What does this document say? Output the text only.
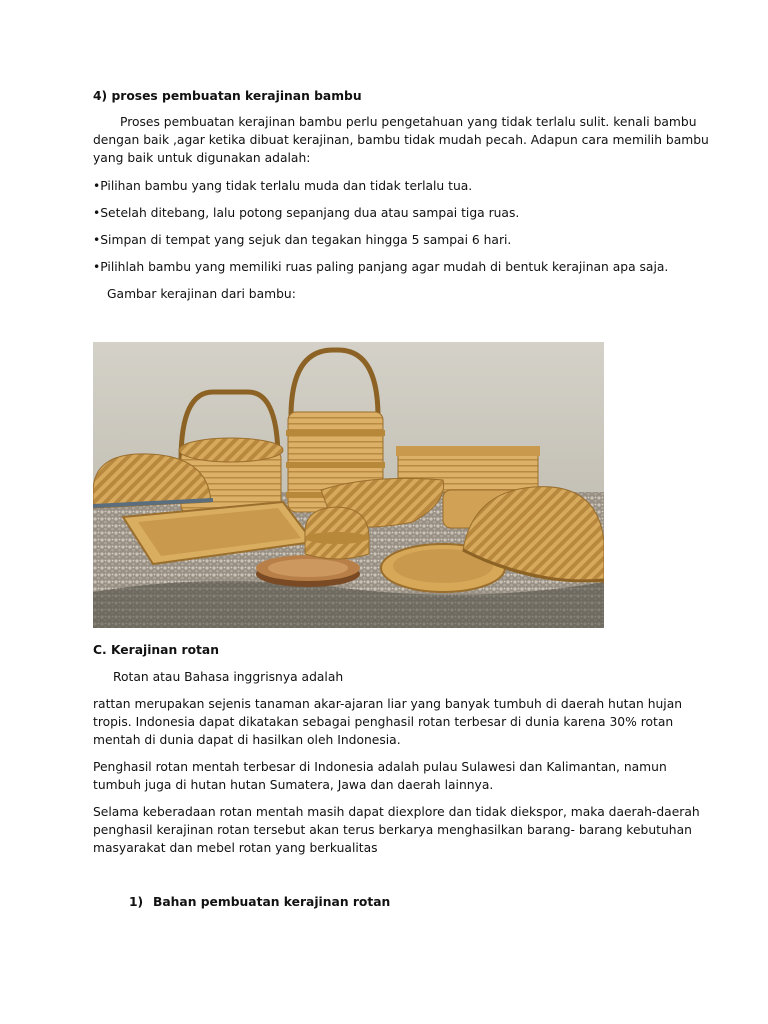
4) proses pembuatan kerajinan bambu
Proses pembuatan kerajinan bambu perlu pengetahuan yang tidak terlalu sulit. kenali bambu
dengan baik ,agar ketika dibuat kerajinan, bambu tidak mudah pecah. Adapun cara memilih bambu
yang baik untuk digunakan adalah:
•Pilihan bambu yang tidak terlalu muda dan tidak terlalu tua.
•Setelah ditebang, lalu potong sepanjang dua atau sampai tiga ruas.
•Simpan di tempat yang sejuk dan tegakan hingga 5 sampai 6 hari.
•Pilihlah bambu yang memiliki ruas paling panjang agar mudah di bentuk kerajinan apa saja.
Gambar kerajinan dari bambu:
C. Kerajinan rotan
Rotan atau Bahasa inggrisnya adalah
rattan merupakan sejenis tanaman akar-ajaran liar yang banyak tumbuh di daerah hutan hujan
tropis. Indonesia dapat dikatakan sebagai penghasil rotan terbesar di dunia karena 30% rotan
mentah di dunia dapat di hasilkan oleh Indonesia.
Penghasil rotan mentah terbesar di Indonesia adalah pulau Sulawesi dan Kalimantan, namun
tumbuh juga di hutan hutan Sumatera, Jawa dan daerah lainnya.
Selama keberadaan rotan mentah masih dapat diexplore dan tidak diekspor, maka daerah-daerah
penghasil kerajinan rotan tersebut akan terus berkarya menghasilkan barang- barang kebutuhan
masyarakat dan mebel rotan yang berkualitas
1) Bahan pembuatan kerajinan rotan
